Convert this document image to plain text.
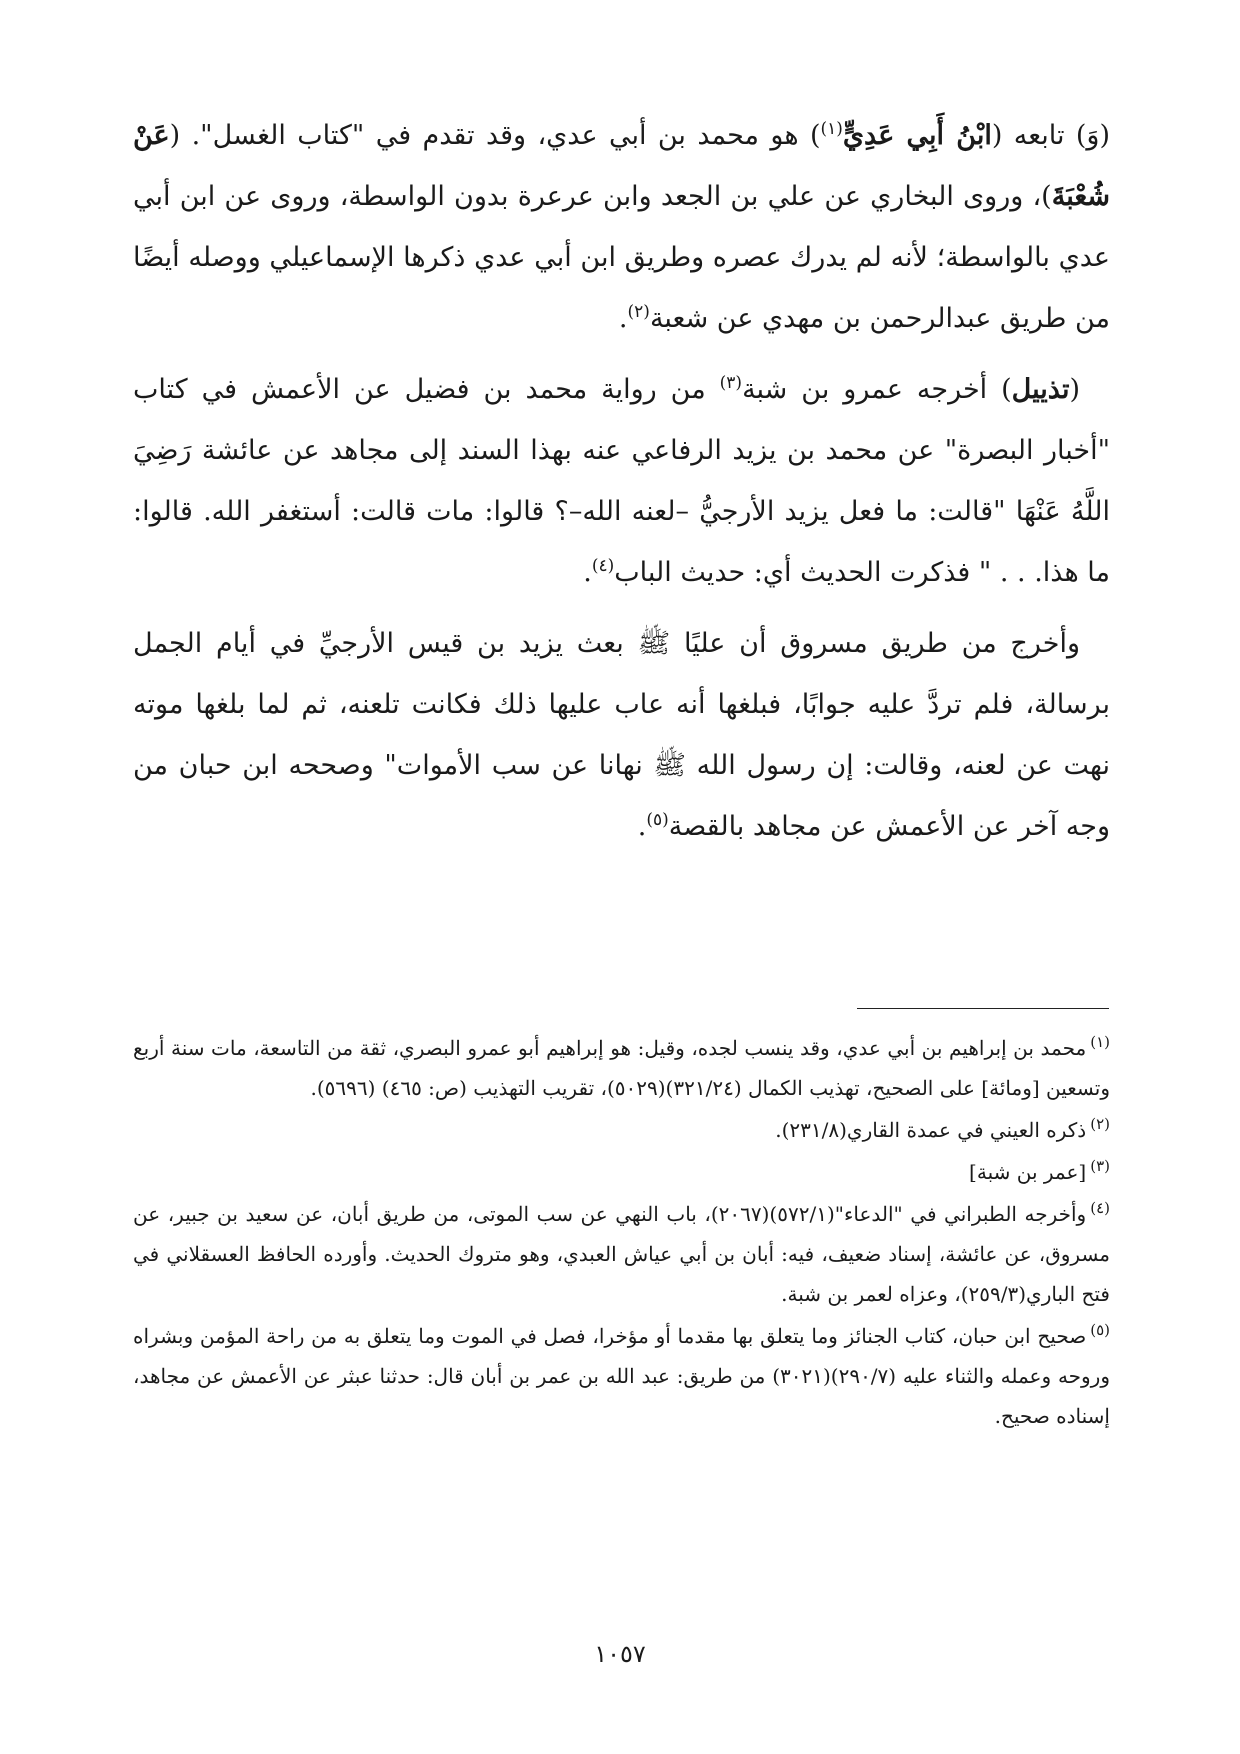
(وَ) تابعه (ابْنُ أَبِي عَدِيٍّ$^{(١)}$) هو محمد بن أبي عدي، وقد تقدم في "كتاب الغسل". (عَنْ شُعْبَةَ)، وروى البخاري عن علي بن الجعد وابن عرعرة بدون الواسطة، وروى عن ابن أبي عدي بالواسطة؛ لأنه لم يدرك عصره وطريق ابن أبي عدي ذكرها الإسماعيلي ووصله أيضًا من طريق عبدالرحمن بن مهدي عن شعبة$^{(٢)}$.

(تذييل) أخرجه عمرو بن شبة$^{(٣)}$ من رواية محمد بن فضيل عن الأعمش في كتاب "أخبار البصرة" عن محمد بن يزيد الرفاعي عنه بهذا السند إلى مجاهد عن عائشة رَضِيَ اللَّهُ عَنْهَا "قالت: ما فعل يزيد الأرجيُّ –لعنه الله–؟ قالوا: مات قالت: أستغفر الله. قالوا: ما هذا. . . " فذكرت الحديث أي: حديث الباب$^{(٤)}$.

وأخرج من طريق مسروق أن عليًا ﷺ بعث يزيد بن قيس الأرجيِّ في أيام الجمل برسالة، فلم تردَّ عليه جوابًا، فبلغها أنه عاب عليها ذلك فكانت تلعنه، ثم لما بلغها موته نهت عن لعنه، وقالت: إن رسول الله ﷺ نهانا عن سب الأموات" وصححه ابن حبان من وجه آخر عن الأعمش عن مجاهد بالقصة$^{(٥)}$.

$^{(١)}$محمد بن إبراهيم بن أبي عدي، وقد ينسب لجده، وقيل: هو إبراهيم أبو عمرو البصري، ثقة من التاسعة، مات سنة أربع وتسعين [ومائة] على الصحيح، تهذيب الكمال (٣٢١/٢٤)(٥٠٢٩)، تقريب التهذيب (ص: ٤٦٥) (٥٦٩٦).

$^{(٢)}$ذكره العيني في عمدة القاري(٢٣١/٨).

$^{(٣)}$[عمر بن شبة]

$^{(٤)}$وأخرجه الطبراني في "الدعاء"(٥٧٢/١)(٢٠٦٧)، باب النهي عن سب الموتى، من طريق أبان، عن سعيد بن جبير، عن مسروق، عن عائشة، إسناد ضعيف، فيه: أبان بن أبي عياش العبدي، وهو متروك الحديث. وأورده الحافظ العسقلاني في فتح الباري(٢٥٩/٣)، وعزاه لعمر بن شبة.

$^{(٥)}$صحيح ابن حبان، كتاب الجنائز وما يتعلق بها مقدما أو مؤخرا، فصل في الموت وما يتعلق به من راحة المؤمن وبشراه وروحه وعمله والثناء عليه (٢٩٠/٧)(٣٠٢١) من طريق: عبد الله بن عمر بن أبان قال: حدثنا عبثر عن الأعمش عن مجاهد، إسناده صحيح.

١٠٥٧
